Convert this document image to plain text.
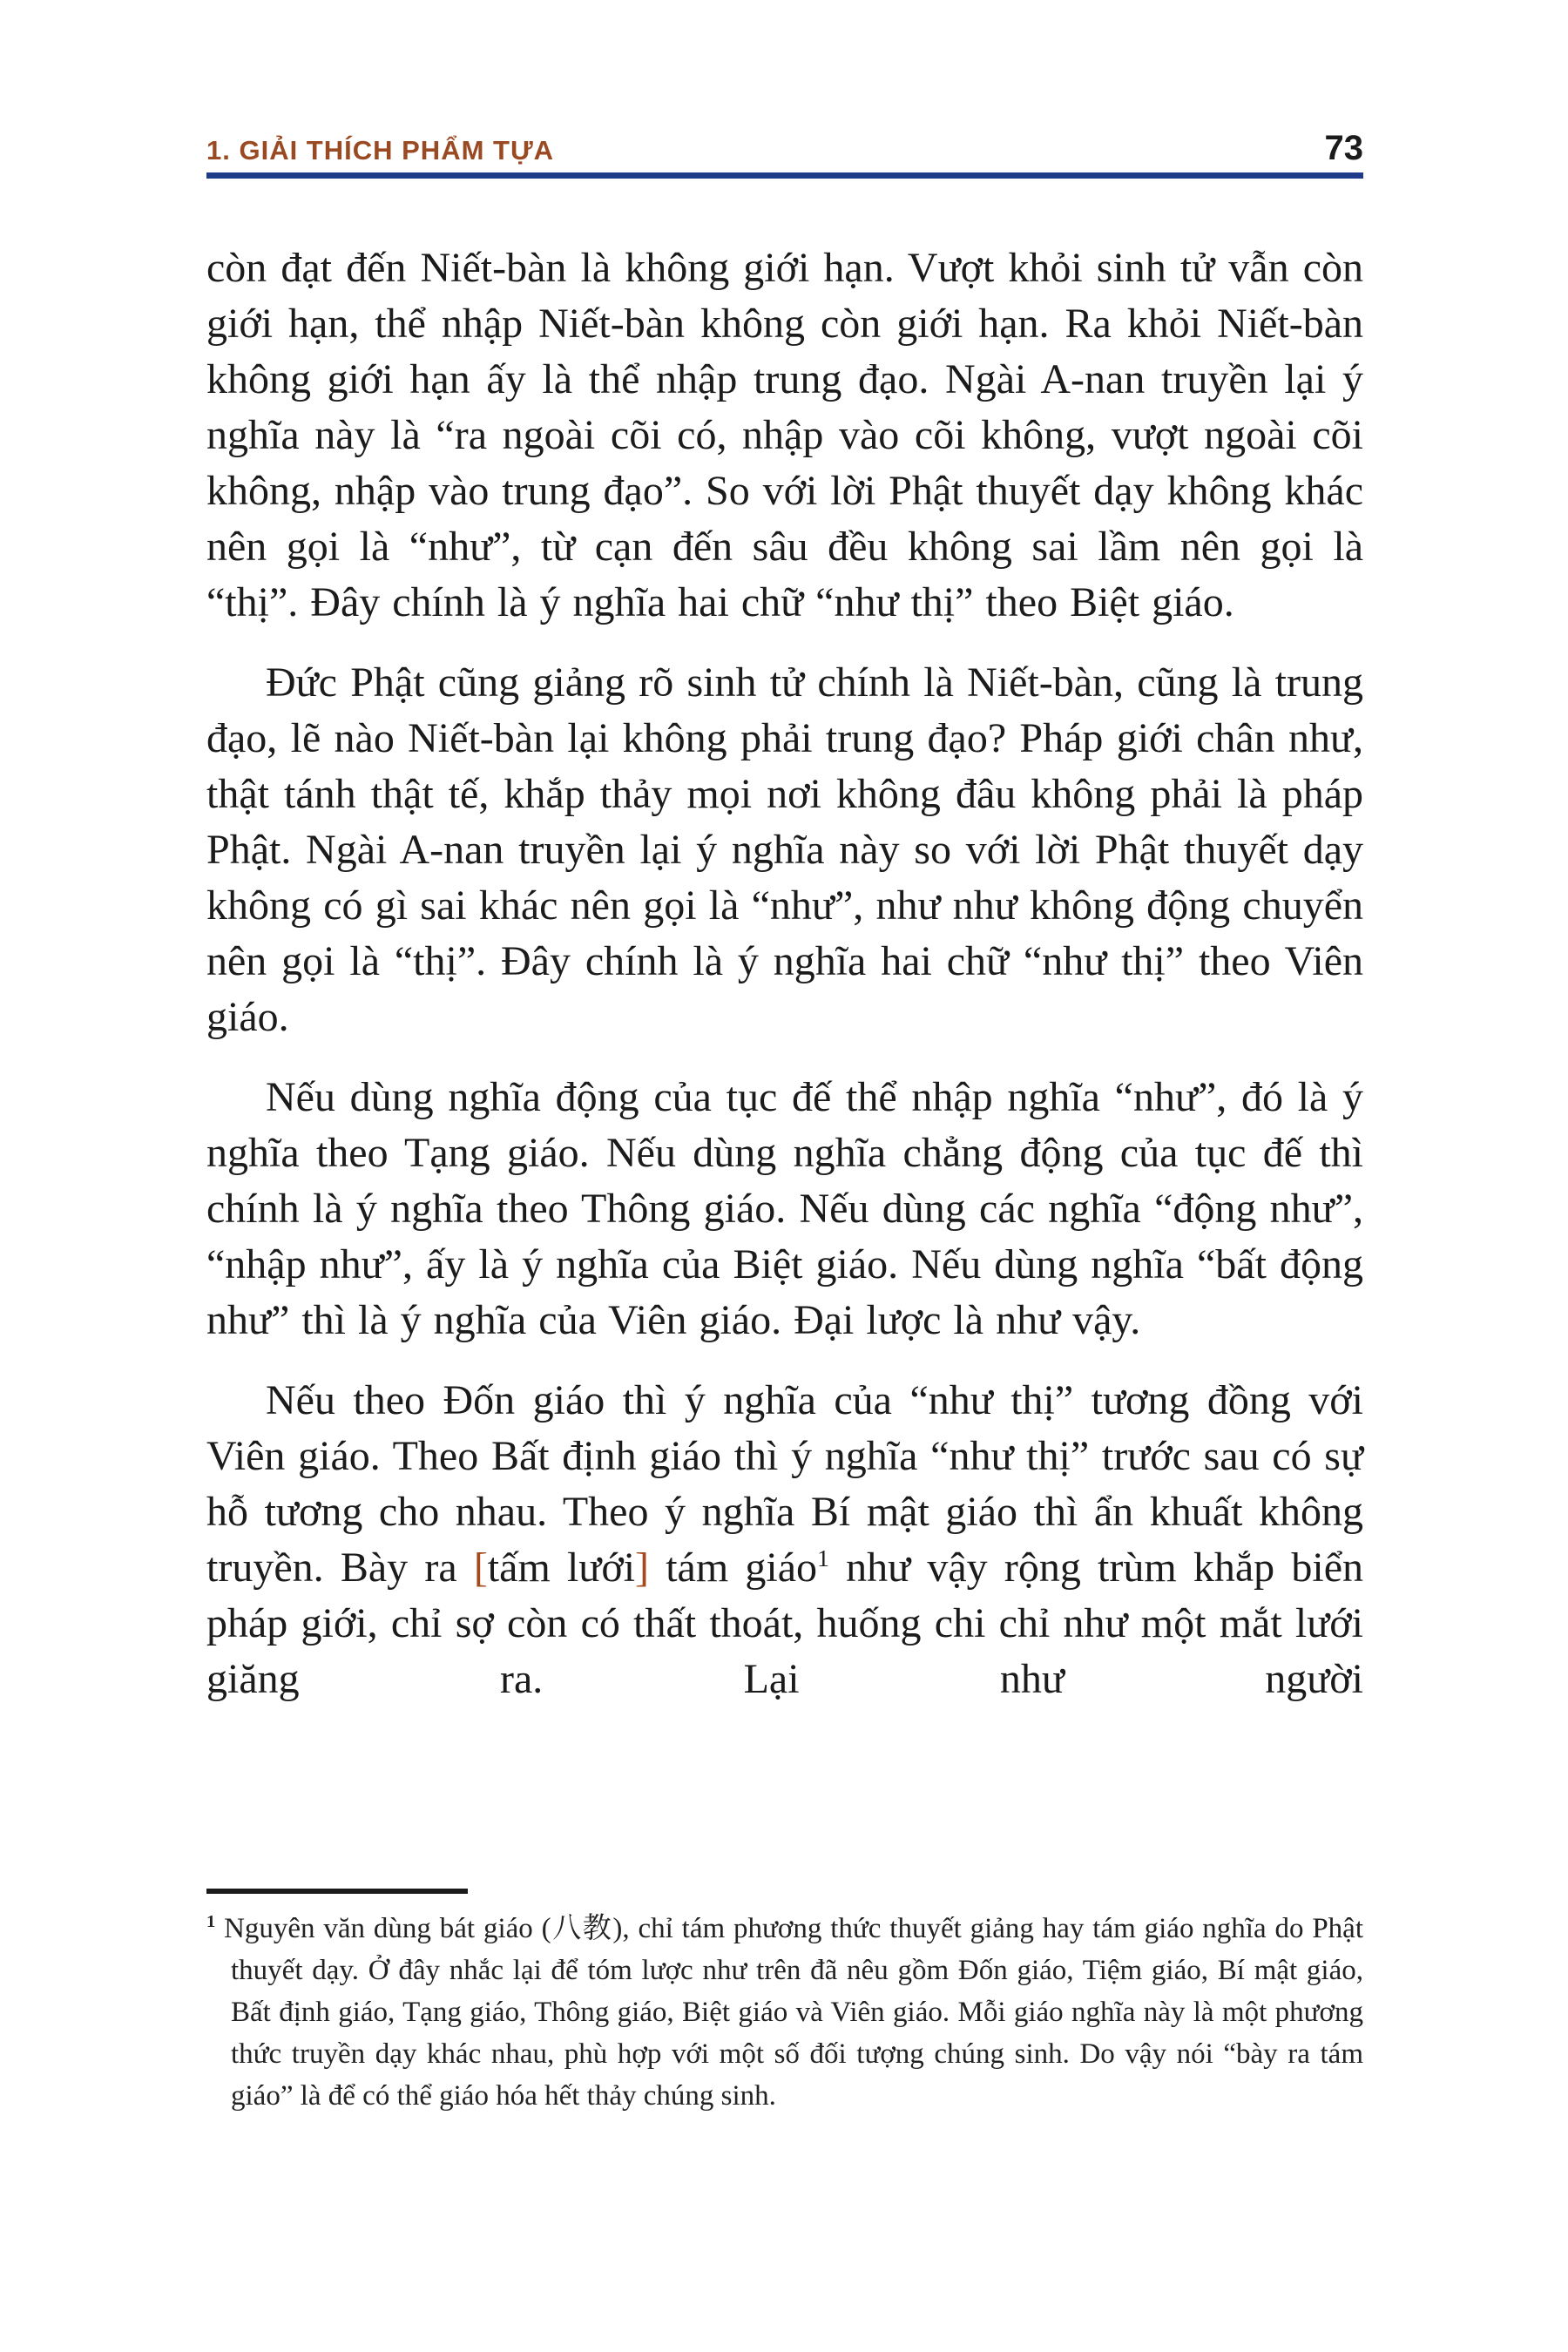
1. GIẢI THÍCH PHẨM TỰA	73

còn đạt đến Niết-bàn là không giới hạn. Vượt khỏi sinh tử vẫn còn giới hạn, thể nhập Niết-bàn không còn giới hạn. Ra khỏi Niết-bàn không giới hạn ấy là thể nhập trung đạo. Ngài A-nan truyền lại ý nghĩa này là “ra ngoài cõi có, nhập vào cõi không, vượt ngoài cõi không, nhập vào trung đạo”. So với lời Phật thuyết dạy không khác nên gọi là “như”, từ cạn đến sâu đều không sai lầm nên gọi là “thị”. Đây chính là ý nghĩa hai chữ “như thị” theo Biệt giáo.

Đức Phật cũng giảng rõ sinh tử chính là Niết-bàn, cũng là trung đạo, lẽ nào Niết-bàn lại không phải trung đạo? Pháp giới chân như, thật tánh thật tế, khắp thảy mọi nơi không đâu không phải là pháp Phật. Ngài A-nan truyền lại ý nghĩa này so với lời Phật thuyết dạy không có gì sai khác nên gọi là “như”, như như không động chuyển nên gọi là “thị”. Đây chính là ý nghĩa hai chữ “như thị” theo Viên giáo.

Nếu dùng nghĩa động của tục đế thể nhập nghĩa “như”, đó là ý nghĩa theo Tạng giáo. Nếu dùng nghĩa chẳng động của tục đế thì chính là ý nghĩa theo Thông giáo. Nếu dùng các nghĩa “động như”, “nhập như”, ấy là ý nghĩa của Biệt giáo. Nếu dùng nghĩa “bất động như” thì là ý nghĩa của Viên giáo. Đại lược là như vậy.

Nếu theo Đốn giáo thì ý nghĩa của “như thị” tương đồng với Viên giáo. Theo Bất định giáo thì ý nghĩa “như thị” trước sau có sự hỗ tương cho nhau. Theo ý nghĩa Bí mật giáo thì ẩn khuất không truyền. Bày ra [tấm lưới] tám giáo$^1$ như vậy rộng trùm khắp biển pháp giới, chỉ sợ còn có thất thoát, huống chi chỉ như một mắt lưới giăng ra. Lại như người

$^1$ Nguyên văn dùng bát giáo (八教), chỉ tám phương thức thuyết giảng hay tám giáo nghĩa do Phật thuyết dạy. Ở đây nhắc lại để tóm lược như trên đã nêu gồm Đốn giáo, Tiệm giáo, Bí mật giáo, Bất định giáo, Tạng giáo, Thông giáo, Biệt giáo và Viên giáo. Mỗi giáo nghĩa này là một phương thức truyền dạy khác nhau, phù hợp với một số đối tượng chúng sinh. Do vậy nói “bày ra tám giáo” là để có thể giáo hóa hết thảy chúng sinh.
